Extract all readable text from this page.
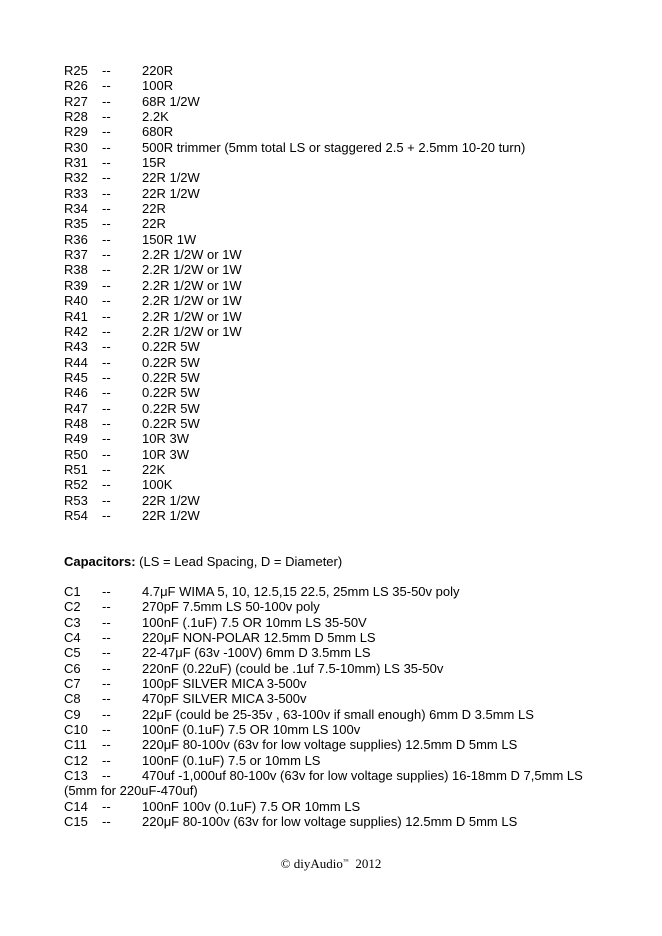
R25 -- 220R
R26 -- 100R
R27 -- 68R 1/2W
R28 -- 2.2K
R29 -- 680R
R30 -- 500R trimmer (5mm total LS or staggered 2.5 + 2.5mm 10-20 turn)
R31 -- 15R
R32 -- 22R 1/2W
R33 -- 22R 1/2W
R34 -- 22R
R35 -- 22R
R36 -- 150R 1W
R37 -- 2.2R 1/2W or 1W
R38 -- 2.2R 1/2W or 1W
R39 -- 2.2R 1/2W or 1W
R40 -- 2.2R 1/2W or 1W
R41 -- 2.2R 1/2W or 1W
R42 -- 2.2R 1/2W or 1W
R43 -- 0.22R 5W
R44 -- 0.22R 5W
R45 -- 0.22R 5W
R46 -- 0.22R 5W
R47 -- 0.22R 5W
R48 -- 0.22R 5W
R49 -- 10R 3W
R50 -- 10R 3W
R51 -- 22K
R52 -- 100K
R53 -- 22R 1/2W
R54 -- 22R 1/2W
Capacitors: (LS = Lead Spacing, D = Diameter)
C1 -- 4.7μF WIMA 5, 10, 12.5,15 22.5, 25mm LS 35-50v poly
C2 -- 270pF 7.5mm LS 50-100v poly
C3 -- 100nF (.1uF) 7.5 OR 10mm LS 35-50V
C4 -- 220μF NON-POLAR 12.5mm D 5mm LS
C5 -- 22-47μF (63v -100V) 6mm D 3.5mm LS
C6 -- 220nF (0.22uF) (could be .1uf 7.5-10mm) LS 35-50v
C7 -- 100pF SILVER MICA 3-500v
C8 -- 470pF SILVER MICA 3-500v
C9 -- 22μF (could be 25-35v , 63-100v if small enough) 6mm D 3.5mm LS
C10 -- 100nF (0.1uF) 7.5 OR 10mm LS 100v
C11 -- 220μF 80-100v (63v for low voltage supplies) 12.5mm D 5mm LS
C12 -- 100nF (0.1uF) 7.5 or 10mm LS
C13 -- 470uf -1,000uf 80-100v (63v for low voltage supplies) 16-18mm D 7,5mm LS
(5mm for 220uF-470uf)
C14 -- 100nF 100v (0.1uF) 7.5 OR 10mm LS
C15 -- 220μF 80-100v (63v for low voltage supplies) 12.5mm D 5mm LS
© diyAudio™ 2012
